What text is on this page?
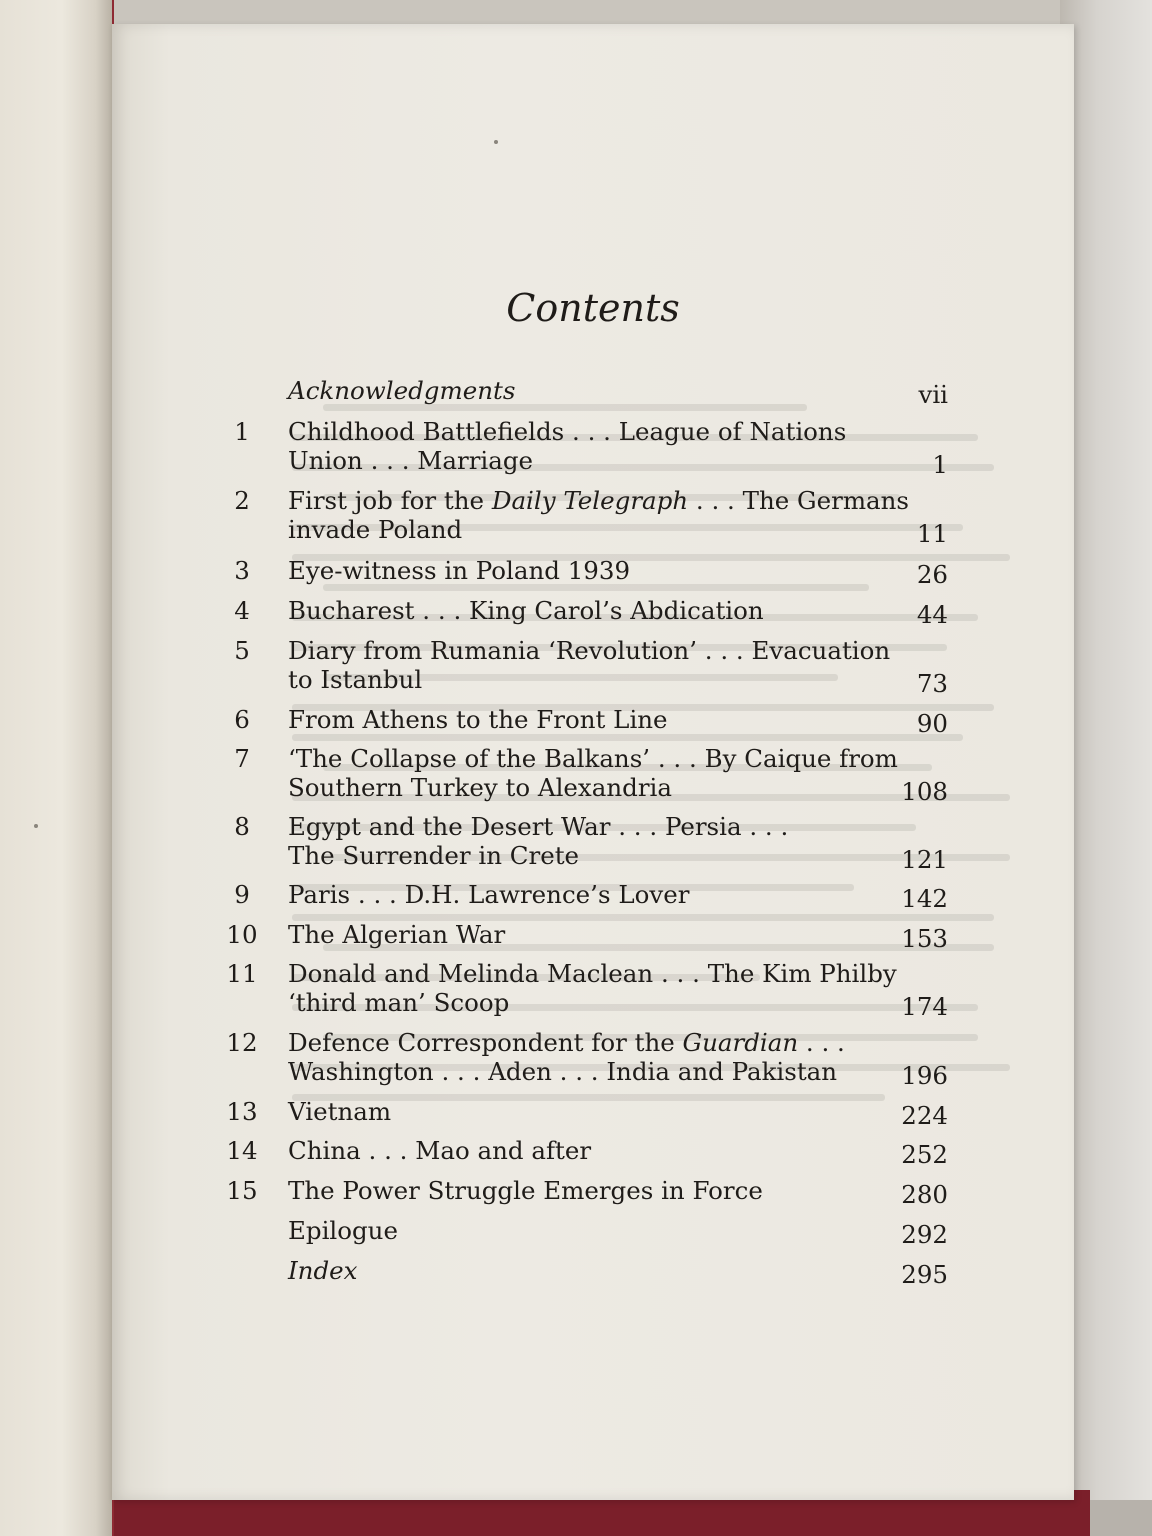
Contents
Acknowledgments	vii
1	Childhood Battlefields . . . League of Nations
Union . . . Marriage	1
2	First job for the Daily Telegraph . . . The Germans
invade Poland	11
3	Eye-witness in Poland 1939	26
4	Bucharest . . . King Carol’s Abdication	44
5	Diary from Rumania ‘Revolution’ . . . Evacuation
to Istanbul	73
6	From Athens to the Front Line	90
7	‘The Collapse of the Balkans’ . . . By Caique from
Southern Turkey to Alexandria	108
8	Egypt and the Desert War . . . Persia . . .
The Surrender in Crete	121
9	Paris . . . D.H. Lawrence’s Lover	142
10 The Algerian War	153
11 Donald and Melinda Maclean . . . The Kim Philby
‘third man’ Scoop	174
12 Defence Correspondent for the Guardian . . .
Washington . . . Aden . . . India and Pakistan	196
13 Vietnam	224
14 China . . . Mao and after	252
15 The Power Struggle Emerges in Force	280
Epilogue	292
Index	295
